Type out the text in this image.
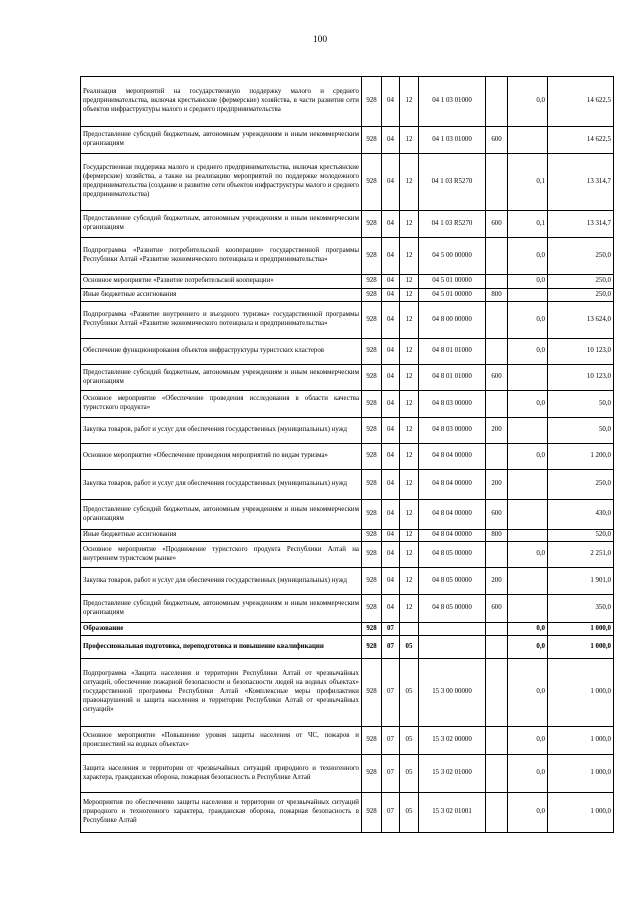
100
Реализация мероприятий на государственную поддержку малого и среднего предпринимательства, включая крестьянские (фермерские) хозяйства, в части развития сети объектов инфраструктуры малого и среднего предпринимательства	928	04	12	04 1 03 01000		0,0	14 622,5
Предоставление субсидий бюджетным, автономным учреждениям и иным некоммерческим организациям	928	04	12	04 1 03 01000	600		14 622,5
Государственная поддержка малого и среднего предпринимательства, включая крестьянские (фермерские) хозяйства, а также на реализацию мероприятий по поддержке молодежного предпринимательства (создание и развитие сети объектов инфраструктуры малого и среднего предпринимательства)	928	04	12	04 1 03 R5270		0,1	13 314,7
Предоставление субсидий бюджетным, автономным учреждениям и иным некоммерческим организациям	928	04	12	04 1 03 R5270	600	0,1	13 314,7
Подпрограмма «Развитие потребительской кооперации» государственной программы Республики Алтай «Развитие экономического потенциала и предпринимательства»	928	04	12	04 5 00 00000		0,0	250,0
Основное мероприятие «Развитие потребительской кооперации»	928	04	12	04 5 01 00000		0,0	250,0
Иные бюджетные ассигнования	928	04	12	04 5 01 00000	800		250,0
Подпрограмма «Развитие внутреннего и въездного туризма» государственной программы Республики Алтай «Развитие экономического потенциала и предпринимательства»	928	04	12	04 8 00 00000		0,0	13 624,0
Обеспечение функционирования объектов инфраструктуры туристских кластеров	928	04	12	04 8 01 01000		0,0	10 123,0
Предоставление субсидий бюджетным, автономным учреждениям и иным некоммерческим организациям	928	04	12	04 8 01 01000	600		10 123,0
Основное мероприятие «Обеспечение проведения исследования в области качества туристского продукта»	928	04	12	04 8 03 00000		0,0	50,0
Закупка товаров, работ и услуг для обеспечения государственных (муниципальных) нужд	928	04	12	04 8 03 00000	200		50,0
Основное мероприятие «Обеспечение проведения мероприятий по видам туризма»	928	04	12	04 8 04 00000		0,0	1 200,0
Закупка товаров, работ и услуг для обеспечения государственных (муниципальных) нужд	928	04	12	04 8 04 00000	200		250,0
Предоставление субсидий бюджетным, автономным учреждениям и иным некоммерческим организациям	928	04	12	04 8 04 00000	600		430,0
Иные бюджетные ассигнования	928	04	12	04 8 04 00000	800		520,0
Основное мероприятие «Продвижение туристского продукта Республики Алтай на внутреннем туристском рынке»	928	04	12	04 8 05 00000		0,0	2 251,0
Закупка товаров, работ и услуг для обеспечения государственных (муниципальных) нужд	928	04	12	04 8 05 00000	200		1 901,0
Предоставление субсидий бюджетным, автономным учреждениям и иным некоммерческим организациям	928	04	12	04 8 05 00000	600		350,0
Образование	928	07				0,0	1 000,0
Профессиональная подготовка, переподготовка и повышение квалификации	928	07	05			0,0	1 000,0
Подпрограмма «Защита населения и территории Республики Алтай от чрезвычайных ситуаций, обеспечение пожарной безопасности и безопасности людей на водных объектах» государственной программы Республики Алтай «Комплексные меры профилактики правонарушений и защита населения и территории Республики Алтай от чрезвычайных ситуаций»	928	07	05	15 3 00 00000		0,0	1 000,0
Основное мероприятие «Повышение уровня защиты населения от ЧС, пожаров и происшествий на водных объектах»	928	07	05	15 3 02 00000		0,0	1 000,0
Защита населения и территории от чрезвычайных ситуаций природного и техногенного характера, гражданская оборона, пожарная безопасность в Республике Алтай	928	07	05	15 3 02 01000		0,0	1 000,0
Мероприятия по обеспечению защиты населения и территории от чрезвычайных ситуаций природного и техногенного характера, гражданская оборона, пожарная безопасность в Республике Алтай	928	07	05	15 3 02 01001		0,0	1 000,0
